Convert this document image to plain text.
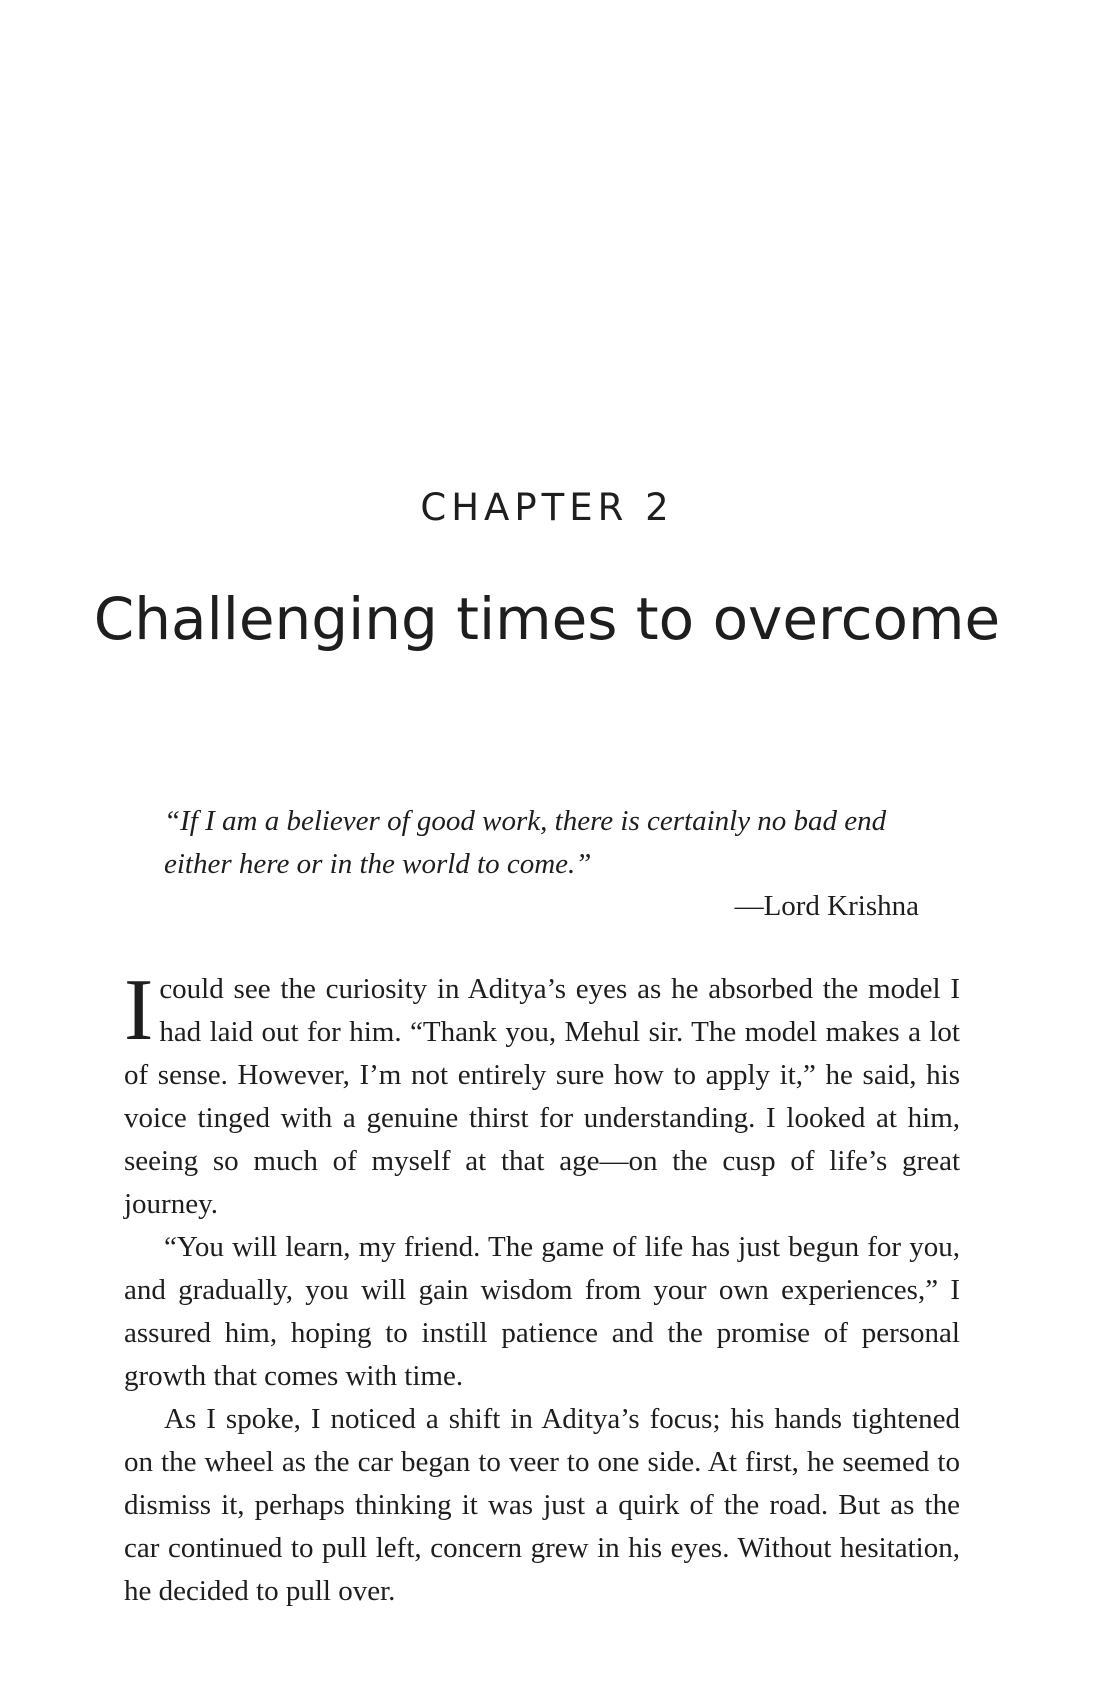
CHAPTER 2
Challenging times to overcome
“If I am a believer of good work, there is certainly no bad end either here or in the world to come.”
—Lord Krishna

I could see the curiosity in Aditya’s eyes as he absorbed the model I had laid out for him. “Thank you, Mehul sir. The model makes a lot of sense. However, I’m not entirely sure how to apply it,” he said, his voice tinged with a genuine thirst for understanding. I looked at him, seeing so much of myself at that age—on the cusp of life’s great journey.

“You will learn, my friend. The game of life has just begun for you, and gradually, you will gain wisdom from your own experiences,” I assured him, hoping to instill patience and the promise of personal growth that comes with time.

As I spoke, I noticed a shift in Aditya’s focus; his hands tightened on the wheel as the car began to veer to one side. At first, he seemed to dismiss it, perhaps thinking it was just a quirk of the road. But as the car continued to pull left, concern grew in his eyes. Without hesitation, he decided to pull over.
